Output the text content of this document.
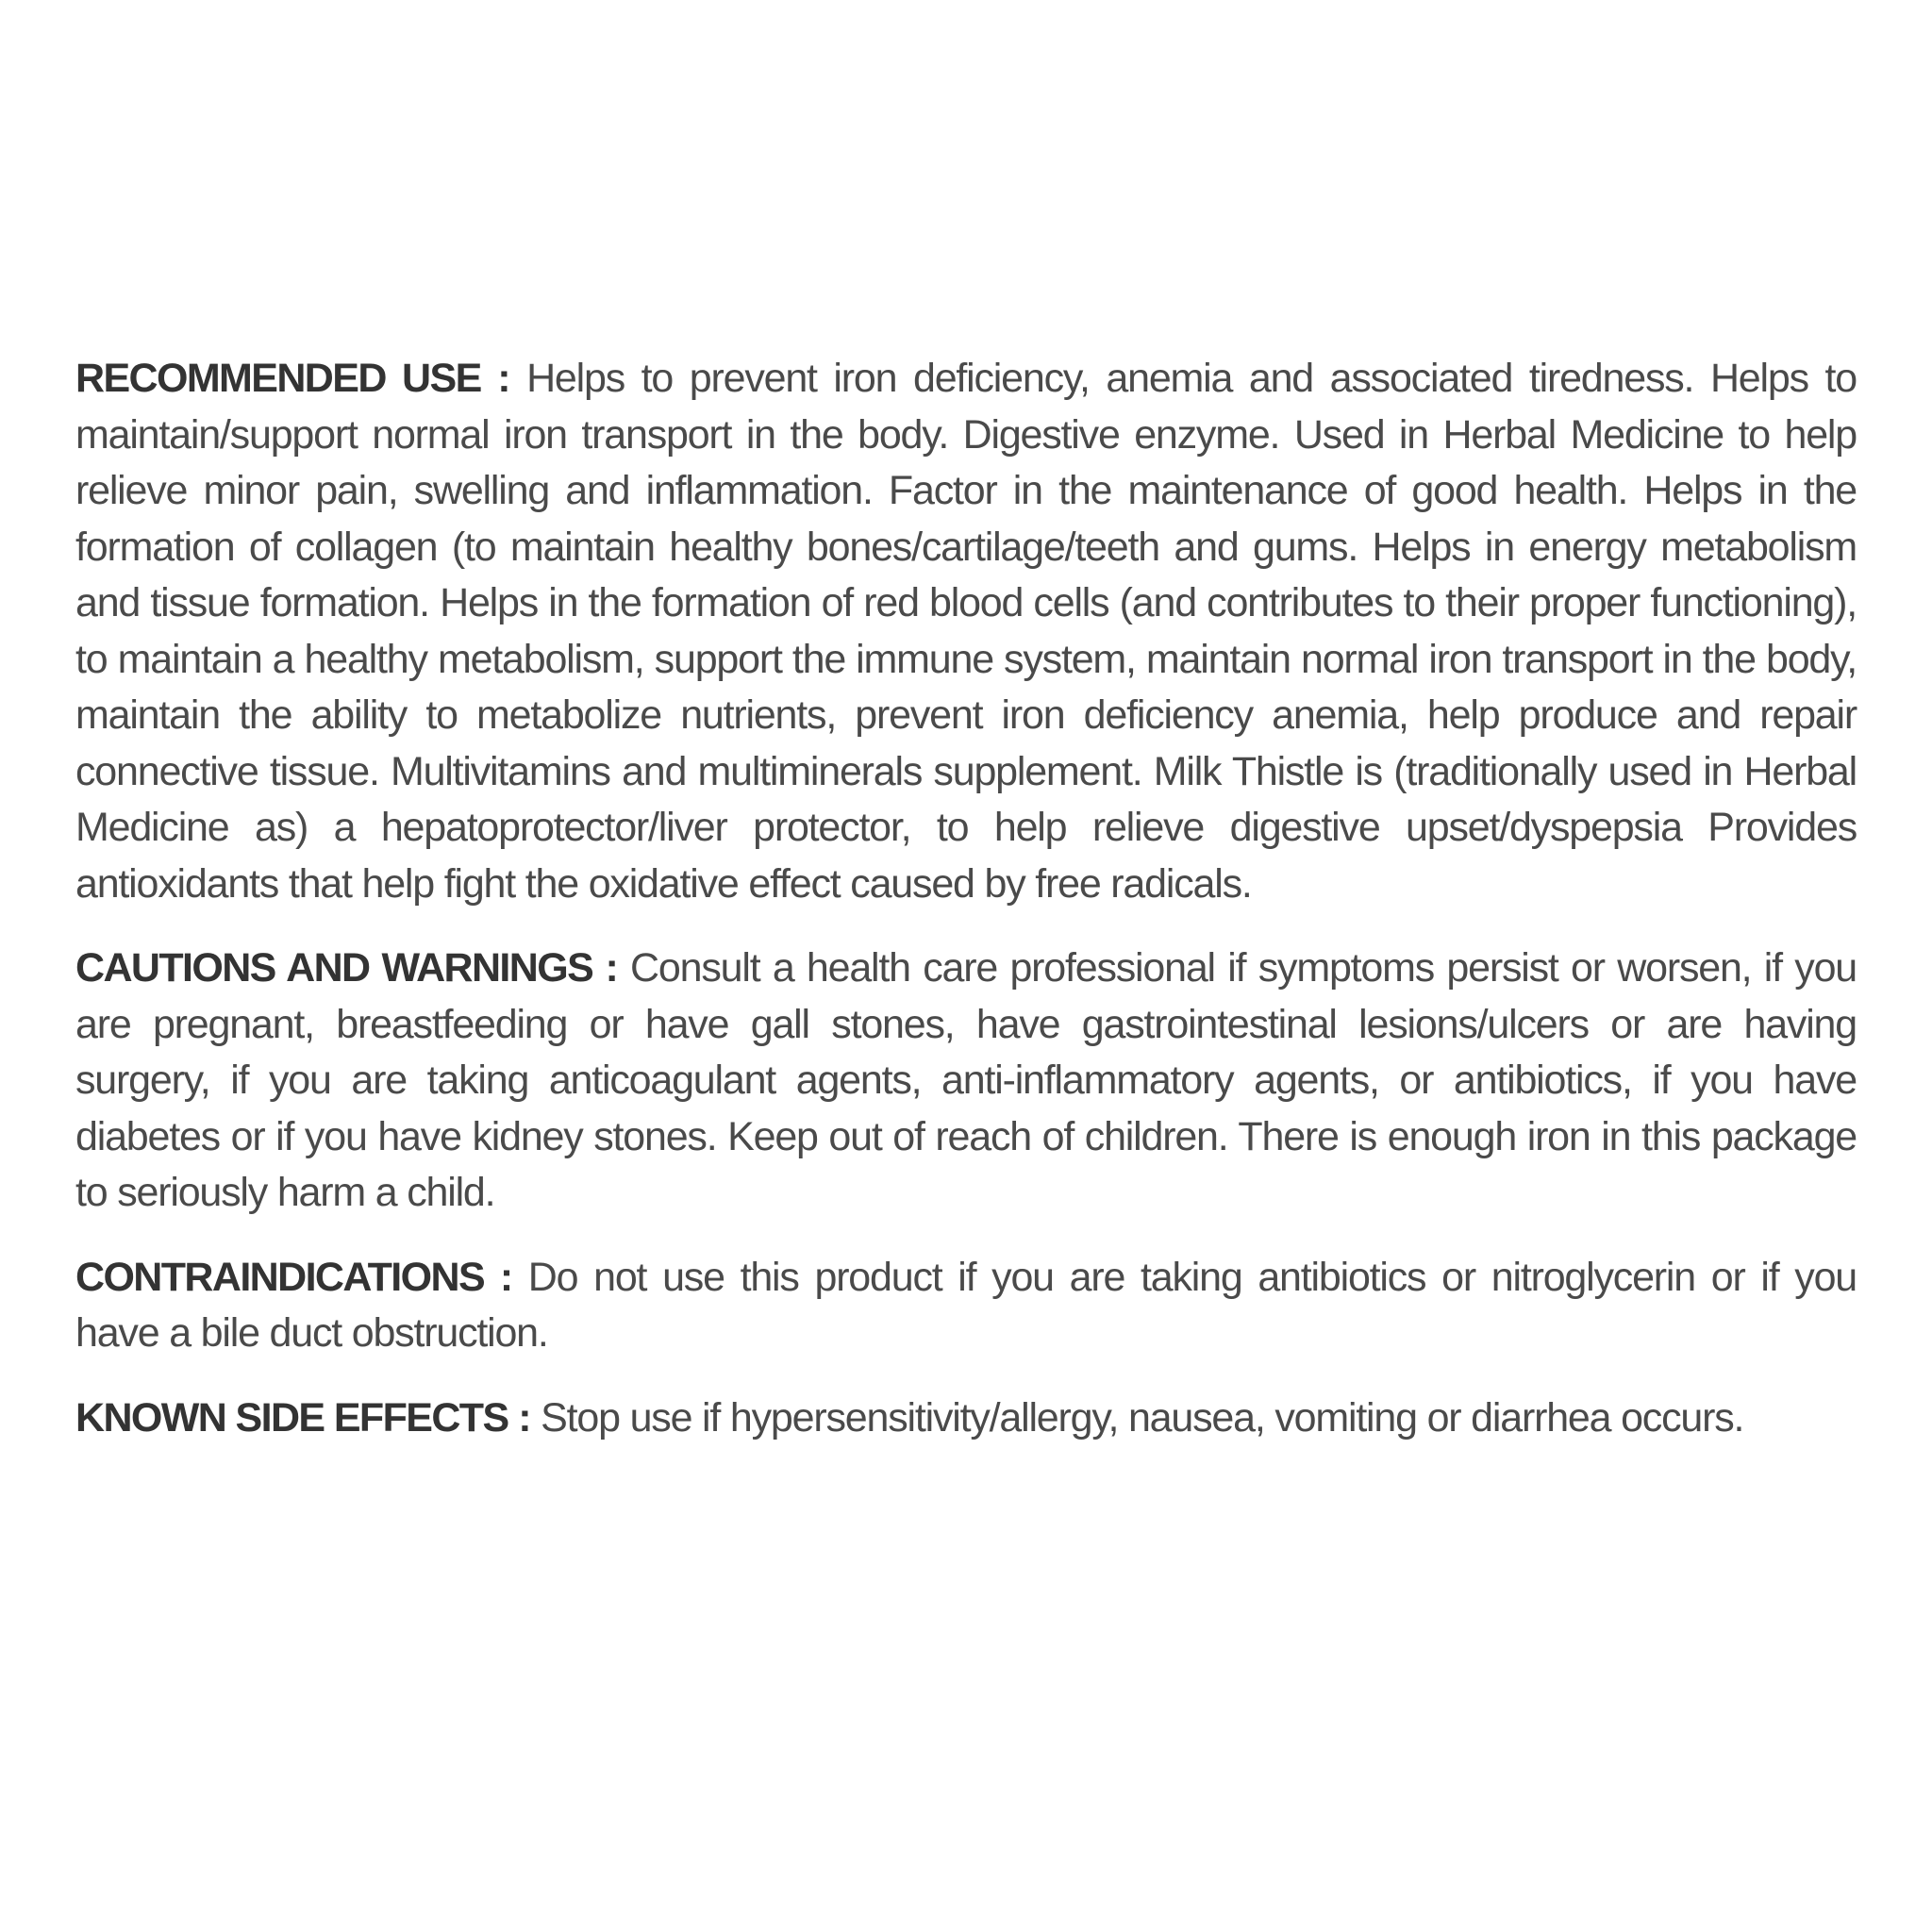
RECOMMENDED USE : Helps to prevent iron deficiency, anemia and associated tiredness. Helps to maintain/support normal iron transport in the body. Digestive enzyme. Used in Herbal Medicine to help relieve minor pain, swelling and inflammation. Factor in the maintenance of good health. Helps in the formation of collagen (to maintain healthy bones/cartilage/teeth and gums. Helps in energy metabolism and tissue formation. Helps in the formation of red blood cells (and contributes to their proper functioning), to maintain a healthy metabolism, support the immune system, maintain normal iron transport in the body, maintain the ability to metabolize nutrients, prevent iron deficiency anemia, help produce and repair connective tissue. Multivitamins and multiminerals supplement. Milk Thistle is (traditionally used in Herbal Medicine as) a hepatoprotector/liver protector, to help relieve digestive upset/dyspepsia Provides antioxidants that help fight the oxidative effect caused by free radicals.

CAUTIONS AND WARNINGS : Consult a health care professional if symptoms persist or worsen, if you are pregnant, breastfeeding or have gall stones, have gastrointestinal lesions/ulcers or are having surgery, if you are taking anticoagulant agents, anti-inflammatory agents, or antibiotics, if you have diabetes or if you have kidney stones. Keep out of reach of children. There is enough iron in this package to seriously harm a child.

CONTRAINDICATIONS : Do not use this product if you are taking antibiotics or nitroglycerin or if you have a bile duct obstruction.

KNOWN SIDE EFFECTS : Stop use if hypersensitivity/allergy, nausea, vomiting or diarrhea occurs.
